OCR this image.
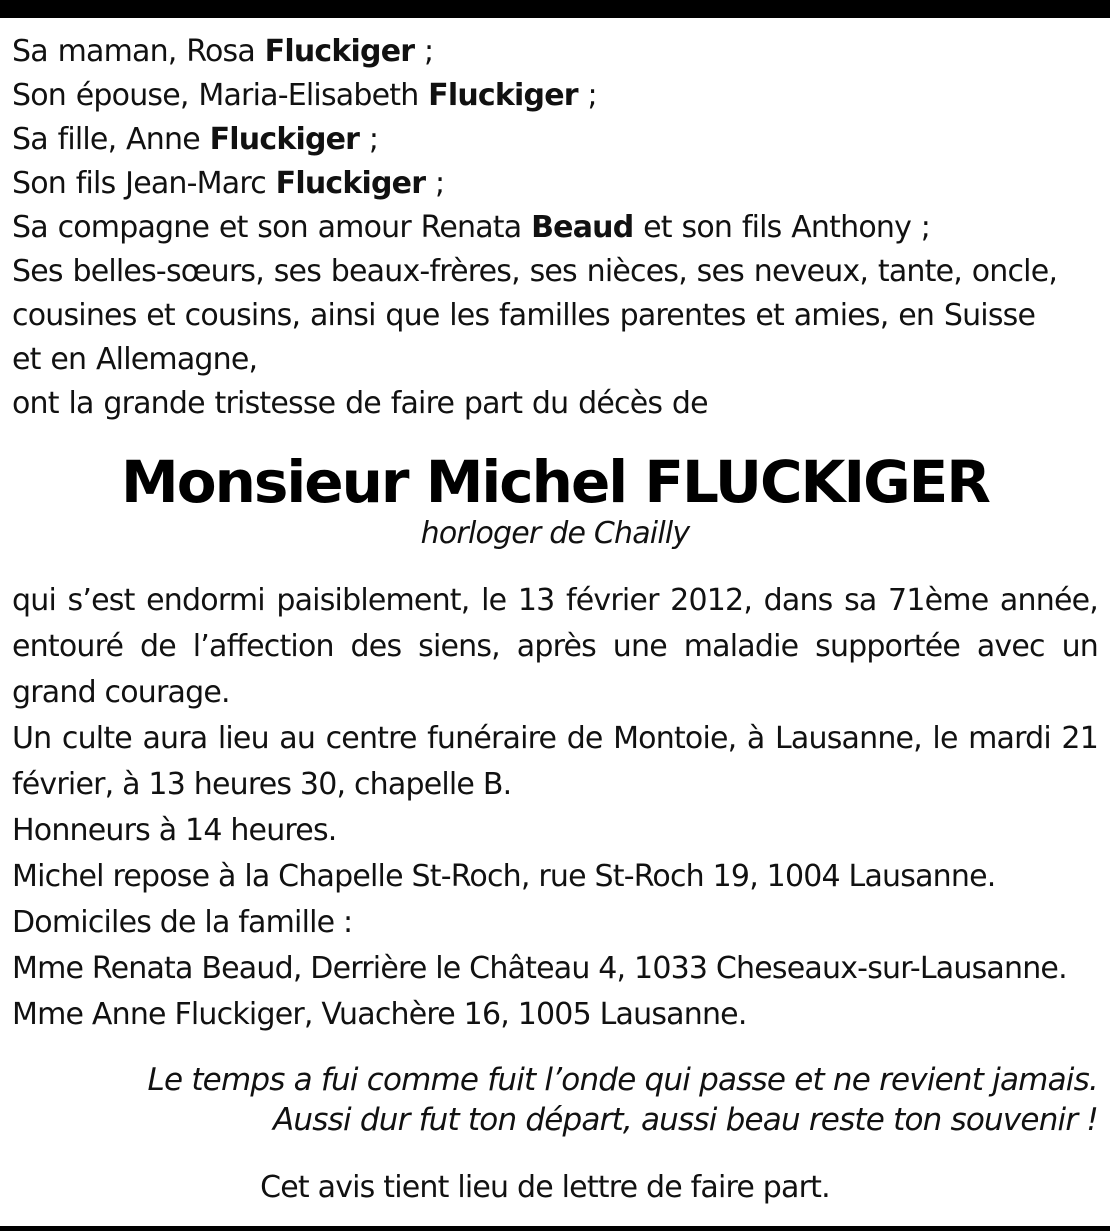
Sa maman, Rosa Fluckiger ;
Son épouse, Maria-Elisabeth Fluckiger ;
Sa fille, Anne Fluckiger ;
Son fils Jean-Marc Fluckiger ;
Sa compagne et son amour Renata Beaud et son fils Anthony ;
Ses belles-sœurs, ses beaux-frères, ses nièces, ses neveux, tante, oncle,
cousines et cousins, ainsi que les familles parentes et amies, en Suisse
et en Allemagne,
ont la grande tristesse de faire part du décès de
Monsieur Michel FLUCKIGER
horloger de Chailly

qui s’est endormi paisiblement, le 13 février 2012, dans sa 71ème année, entouré de l’affection des siens, après une maladie supportée avec un grand courage.

Un culte aura lieu au centre funéraire de Montoie, à Lausanne, le mardi 21 février, à 13 heures 30, chapelle B.

Honneurs à 14 heures.

Michel repose à la Chapelle St-Roch, rue St-Roch 19, 1004 Lausanne.

Domiciles de la famille :

Mme Renata Beaud, Derrière le Château 4, 1033 Cheseaux-sur-Lausanne.

Mme Anne Fluckiger, Vuachère 16, 1005 Lausanne.

Le temps a fui comme fuit l’onde qui passe et ne revient jamais.
Aussi dur fut ton départ, aussi beau reste ton souvenir !
Cet avis tient lieu de lettre de faire part.
